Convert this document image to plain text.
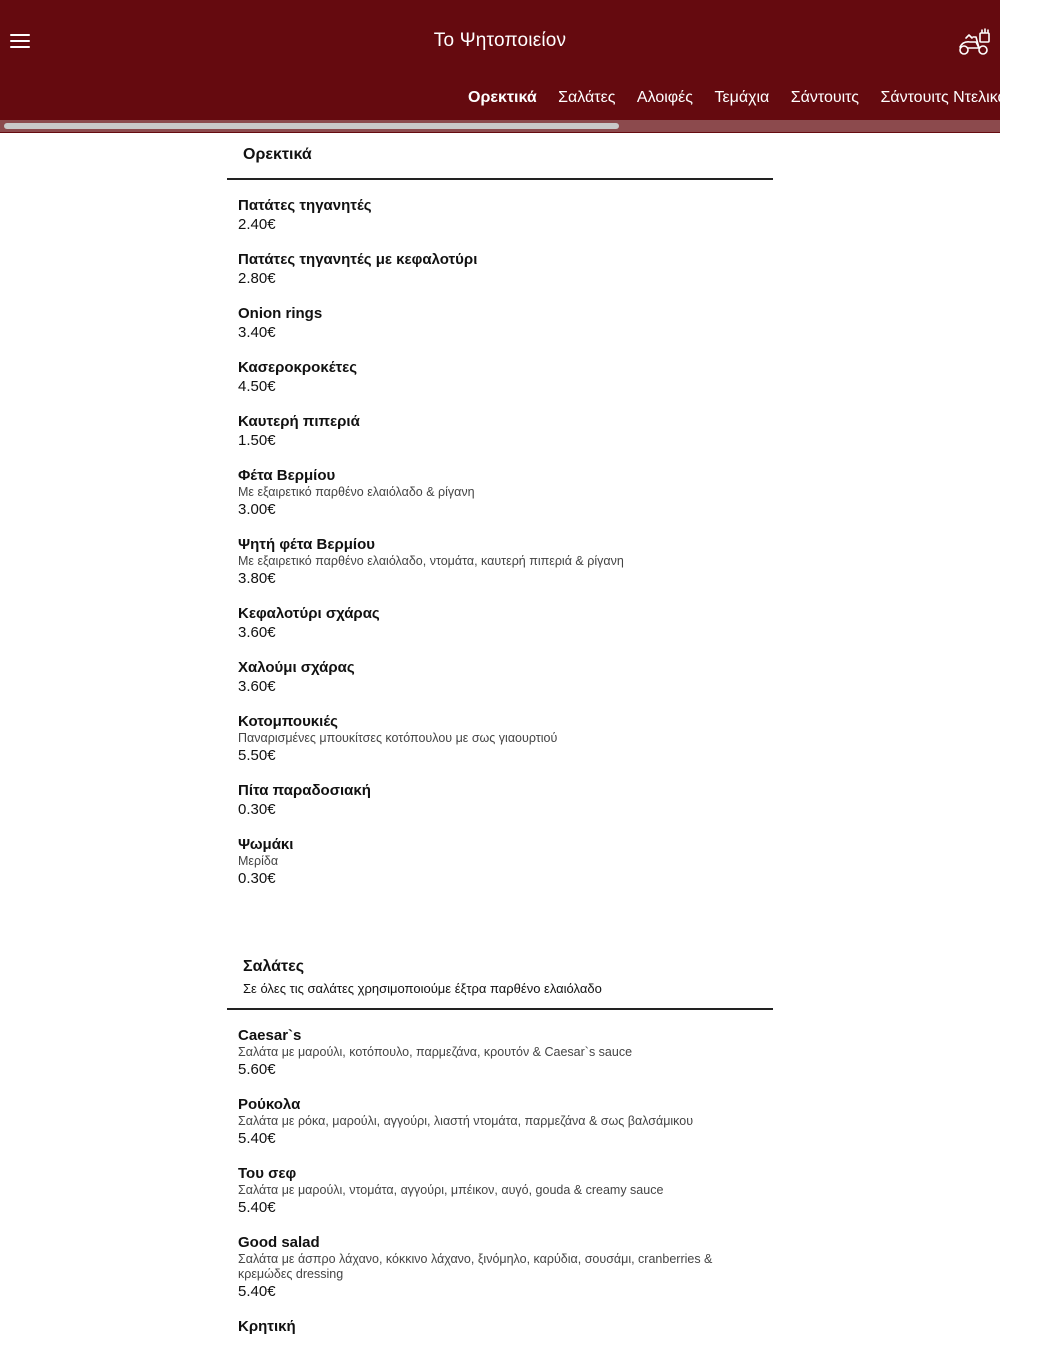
Το Ψητοποιείον
Ορεκτικά Σαλάτες Αλοιφές Τεμάχια Σάντουιτς Σάντουιτς Ντελικατέσεν
Ορεκτικά
Πατάτες τηγανητές
2.40€
Πατάτες τηγανητές με κεφαλοτύρι
2.80€
Onion rings
3.40€
Κασεροκροκέτες
4.50€
Καυτερή πιπεριά
1.50€
Φέτα Βερμίου
Με εξαιρετικό παρθένο ελαιόλαδο & ρίγανη
3.00€
Ψητή φέτα Βερμίου
Με εξαιρετικό παρθένο ελαιόλαδο, ντομάτα, καυτερή πιπεριά & ρίγανη
3.80€
Κεφαλοτύρι σχάρας
3.60€
Χαλούμι σχάρας
3.60€
Κοτομπουκιές
Παναρισμένες μπουκίτσες κοτόπουλου με σως γιαουρτιού
5.50€
Πίτα παραδοσιακή
0.30€
Ψωμάκι
Μερίδα
0.30€
Σαλάτες
Σε όλες τις σαλάτες χρησιμοποιούμε έξτρα παρθένο ελαιόλαδο
Caesar`s
Σαλάτα με μαρούλι, κοτόπουλο, παρμεζάνα, κρουτόν & Caesar`s sauce
5.60€
Ρούκολα
Σαλάτα με ρόκα, μαρούλι, αγγούρι, λιαστή ντομάτα, παρμεζάνα & σως βαλσάμικου
5.40€
Του σεφ
Σαλάτα με μαρούλι, ντομάτα, αγγούρι, μπέικον, αυγό, gouda & creamy sauce
5.40€
Good salad
Σαλάτα με άσπρο λάχανο, κόκκινο λάχανο, ξινόμηλο, καρύδια, σουσάμι, cranberries & κρεμώδες dressing
5.40€
Κρητική
